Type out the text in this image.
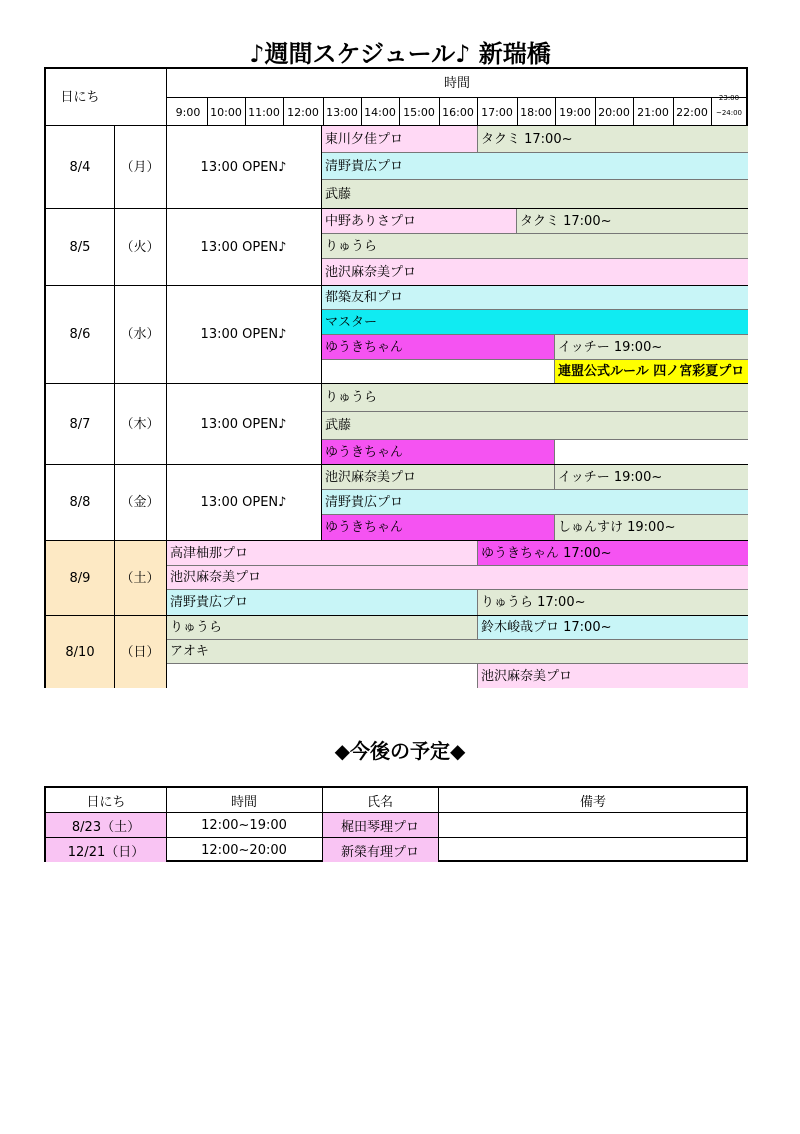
♪週間スケジュール♪ 新瑞橋
日にち
時間
9:00 10:00 11:00 12:00 13:00 14:00 15:00 16:00 17:00 18:00 19:00 20:00 21:00 22:00
23:00
~24:00
8/4	（月）	13:00 OPEN♪
東川夕佳プロ	タクミ 17:00~
清野貴広プロ
武藤
8/5	（火）	13:00 OPEN♪
中野ありさプロ	タクミ 17:00~
りゅうら
池沢麻奈美プロ
8/6	（水）	13:00 OPEN♪
都築友和プロ
マスター
ゆうきちゃん	イッチー 19:00~
連盟公式ルール 四ノ宮彩夏プロ
8/7	（木）	13:00 OPEN♪
りゅうら
武藤
ゆうきちゃん
8/8	（金）	13:00 OPEN♪
池沢麻奈美プロ	イッチー 19:00~
清野貴広プロ
ゆうきちゃん	しゅんすけ 19:00~
8/9	（土）
高津柚那プロ	ゆうきちゃん 17:00~
池沢麻奈美プロ
清野貴広プロ	りゅうら 17:00~
8/10	（日）
りゅうら	鈴木峻哉プロ 17:00~
アオキ
池沢麻奈美プロ
◆今後の予定◆
日にち	時間	氏名	備考
8/23（土）	12:00~19:00	梶田琴理プロ
12/21（日）	12:00~20:00	新榮有理プロ
